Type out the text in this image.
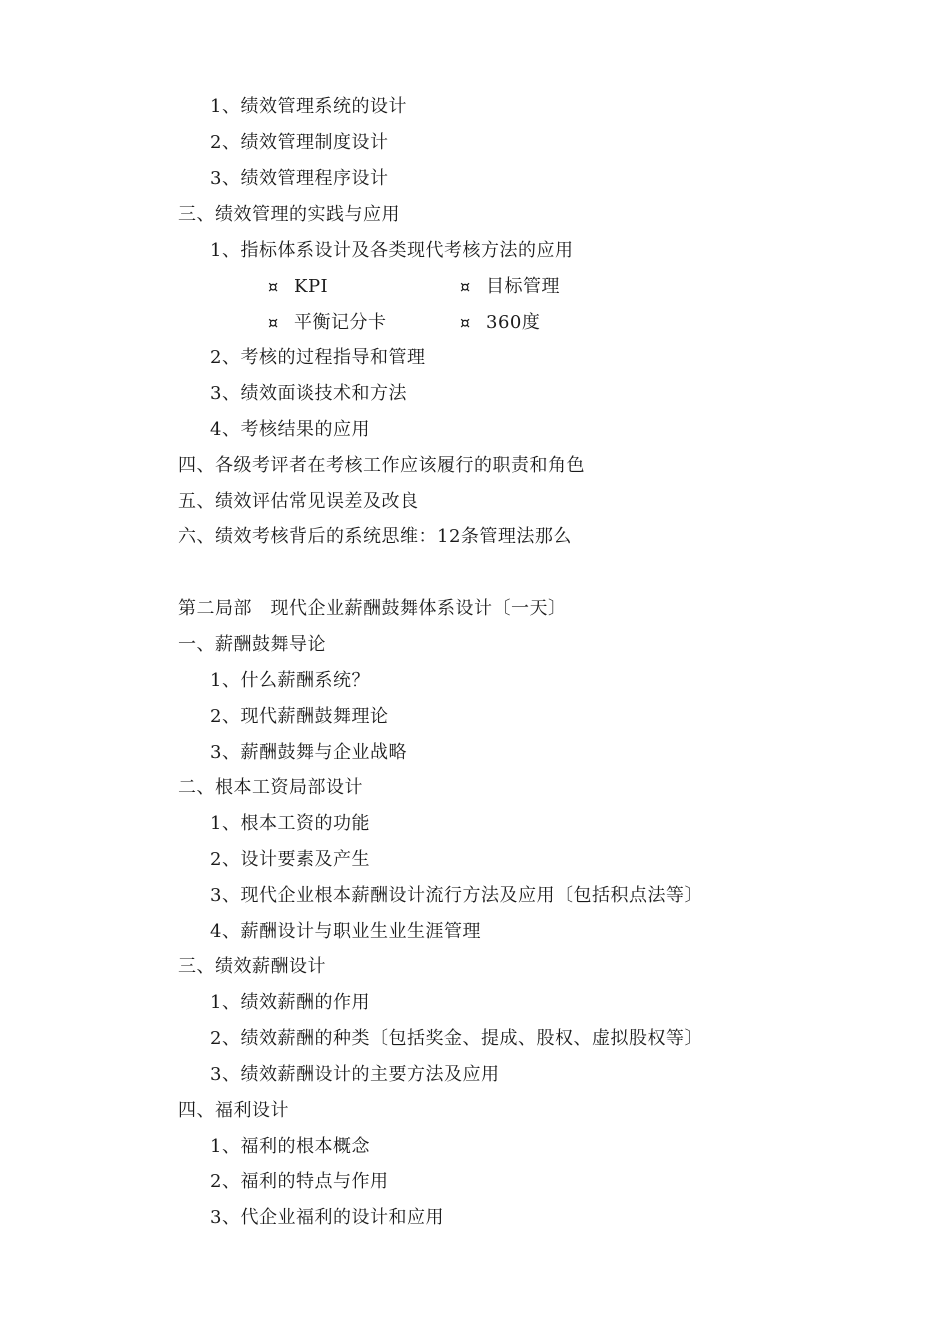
1、绩效管理系统的设计
2、绩效管理制度设计
3、绩效管理程序设计
三、绩效管理的实践与应用
1、指标体系设计及各类现代考核方法的应用
¤ KPI	¤ 目标管理
¤ 平衡记分卡	¤ 360度
2、考核的过程指导和管理
3、绩效面谈技术和方法
4、考核结果的应用
四、各级考评者在考核工作应该履行的职责和角色
五、绩效评估常见误差及改良
六、绩效考核背后的系统思维：12条管理法那么
第二局部　现代企业薪酬鼓舞体系设计〔一天〕
一、薪酬鼓舞导论
1、什么薪酬系统？
2、现代薪酬鼓舞理论
3、薪酬鼓舞与企业战略
二、根本工资局部设计
1、根本工资的功能
2、设计要素及产生
3、现代企业根本薪酬设计流行方法及应用〔包括积点法等〕
4、薪酬设计与职业生业生涯管理
三、绩效薪酬设计
1、绩效薪酬的作用
2、绩效薪酬的种类〔包括奖金、提成、股权、虚拟股权等〕
3、绩效薪酬设计的主要方法及应用
四、福利设计
1、福利的根本概念
2、福利的特点与作用
3、代企业福利的设计和应用
